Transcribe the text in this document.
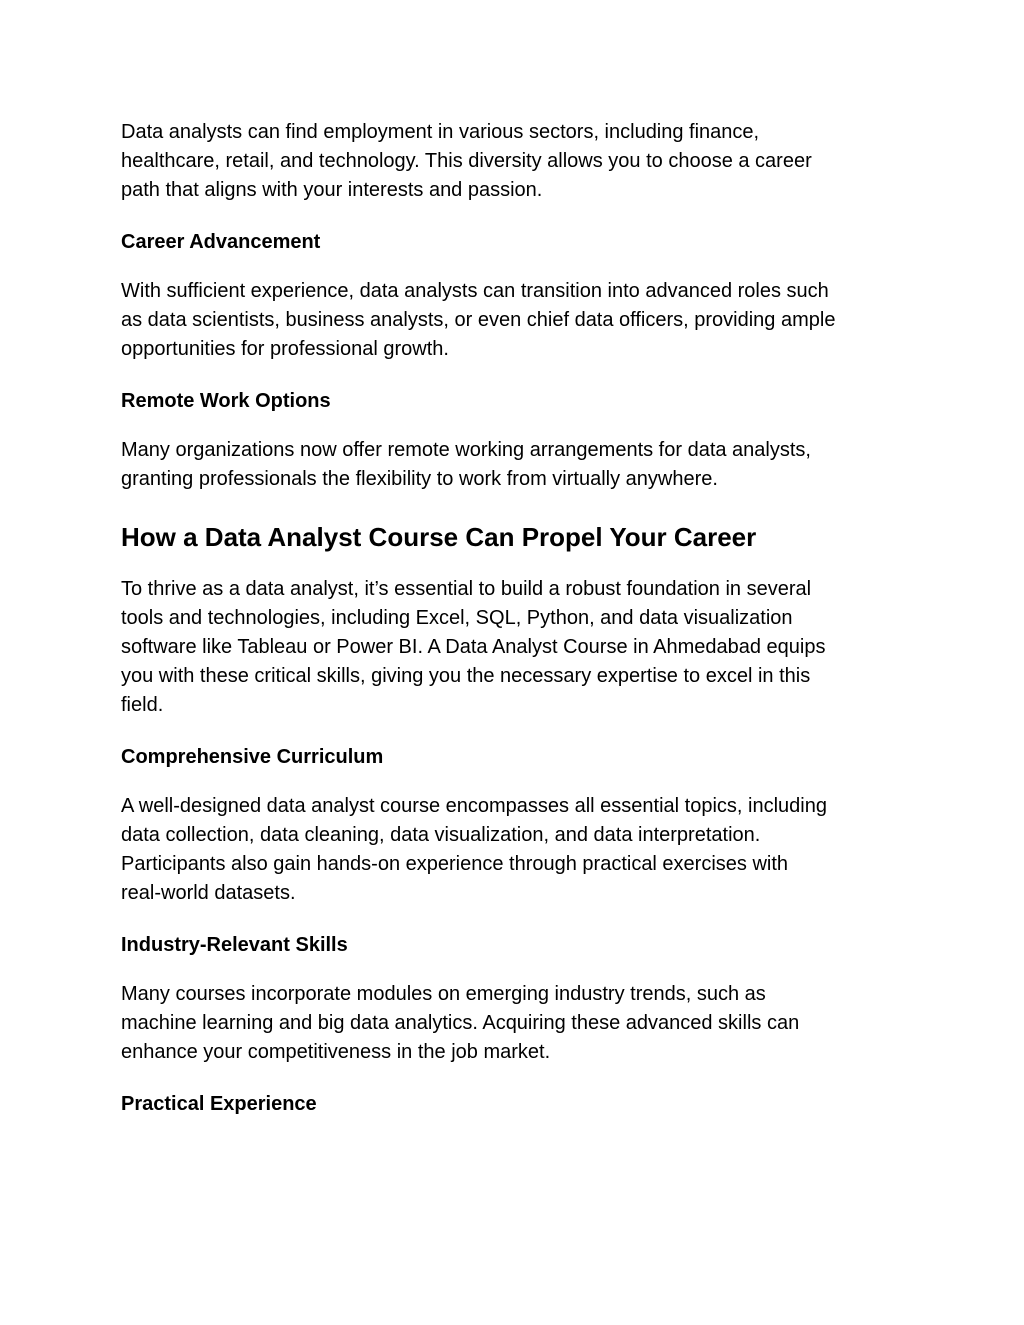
Data analysts can find employment in various sectors, including finance,
healthcare, retail, and technology. This diversity allows you to choose a career
path that aligns with your interests and passion.

Career Advancement

With sufficient experience, data analysts can transition into advanced roles such
as data scientists, business analysts, or even chief data officers, providing ample
opportunities for professional growth.

Remote Work Options

Many organizations now offer remote working arrangements for data analysts,
granting professionals the flexibility to work from virtually anywhere.

How a Data Analyst Course Can Propel Your Career

To thrive as a data analyst, it’s essential to build a robust foundation in several
tools and technologies, including Excel, SQL, Python, and data visualization
software like Tableau or Power BI. A Data Analyst Course in Ahmedabad equips
you with these critical skills, giving you the necessary expertise to excel in this
field.

Comprehensive Curriculum

A well-designed data analyst course encompasses all essential topics, including
data collection, data cleaning, data visualization, and data interpretation.
Participants also gain hands-on experience through practical exercises with
real-world datasets.

Industry-Relevant Skills

Many courses incorporate modules on emerging industry trends, such as
machine learning and big data analytics. Acquiring these advanced skills can
enhance your competitiveness in the job market.

Practical Experience
